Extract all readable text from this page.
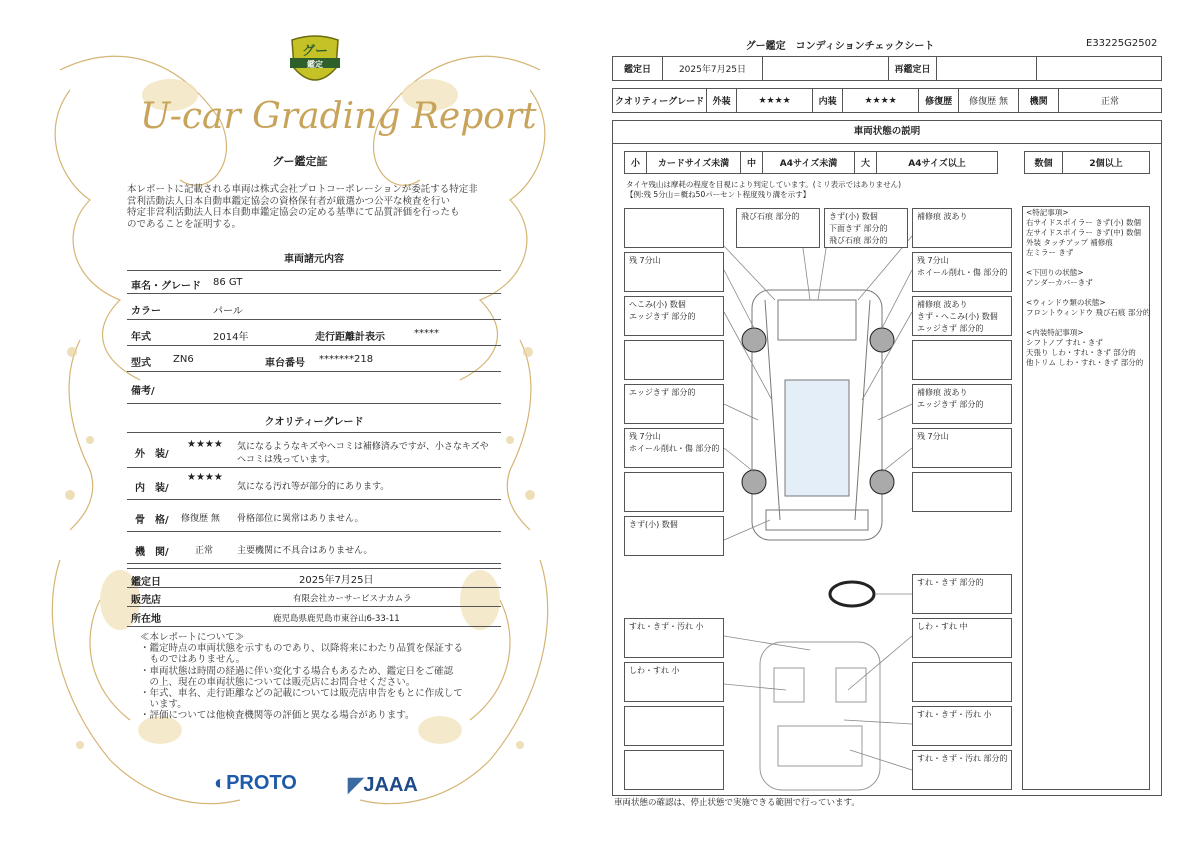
グー
鑑定
U-car Grading Report
グー鑑定証
本レポートに記載される車両は株式会社プロトコーポレーションが委託する特定非
営利活動法人日本自動車鑑定協会の資格保有者が厳選かつ公平な検査を行い
特定非営利活動法人日本自動車鑑定協会の定める基準にて品質評価を行ったも
のであることを証明する。
車両諸元内容
車名・グレード 86 GT
カラー	パール
年式	2014年	走行距離計表示	*****
型式 ZN6	車台番号 *******218
備考/
クオリティーグレード
外　装/
★★★★ 気になるようなキズやヘコミは補修済みですが、小さなキズや
ヘコミは残っています。
内　装/
★★★★
気になる汚れ等が部分的にあります。
骨　格/ 修復歴 無 骨格部位に異常はありません。
機　関/	正常	主要機関に不具合はありません。
鑑定日	2025年7月25日
販売店	有限会社カーサービスナカムラ
所在地	鹿児島県鹿児島市東谷山6-33-11
≪本レポートについて≫
・鑑定時点の車両状態を示すものであり、以降将来にわたり品質を保証する
　ものではありません。
・車両状態は時間の経過に伴い変化する場合もあるため、鑑定日をご確認
　の上、現在の車両状態については販売店にお問合せください。
・年式、車名、走行距離などの記載については販売店申告をもとに作成して
　います。
・評価については他検査機関等の評価と異なる場合があります。
◐PROTO	◤JAAA
グー鑑定　コンディションチェックシート	E33225G2502
鑑定日	2025年7月25日		再鑑定日		
クオリティーグレード	外装	★★★★	内装	★★★★	修復歴	修復歴 無	機関	正常
車両状態の説明
小	カードサイズ未満	中	A4サイズ未満	大	A4サイズ以上	数個	2個以上
タイヤ残山は摩耗の程度を目視により判定しています。(ミリ表示ではありません)
【例:残 5分山＝概ね50パーセント程度残り溝を示す】
飛び石痕 部分的	きず(小) 数個
下面きず 部分的
飛び石痕 部分的
補修痕 波あり
残 7分山	残 7分山
ホイール削れ・傷 部分的
へこみ(小) 数個
エッジきず 部分的
補修痕 波あり
きず・へこみ(小) 数個
エッジきず 部分的
エッジきず 部分的	補修痕 波あり
エッジきず 部分的
残 7分山
ホイール削れ・傷 部分的
残 7分山
きず(小) 数個
すれ・きず 部分的
すれ・きず・汚れ 小	しわ・すれ 中
しわ・すれ 小
すれ・きず・汚れ 小
すれ・きず・汚れ 部分的
<特記事項>
右サイドスポイラー きず(小) 数個
左サイドスポイラー きず(中) 数個
外装 タッチアップ 補修痕
左ミラー きず
<下回りの状態>
アンダーカバーきず
<ウィンドウ類の状態>
フロントウィンドウ 飛び石痕 部分的
<内装特記事項>
シフトノブ すれ・きず
天張り しわ・すれ・きず 部分的
他トリム しわ・すれ・きず 部分的
車両状態の確認は、停止状態で実施できる範囲で行っています。
